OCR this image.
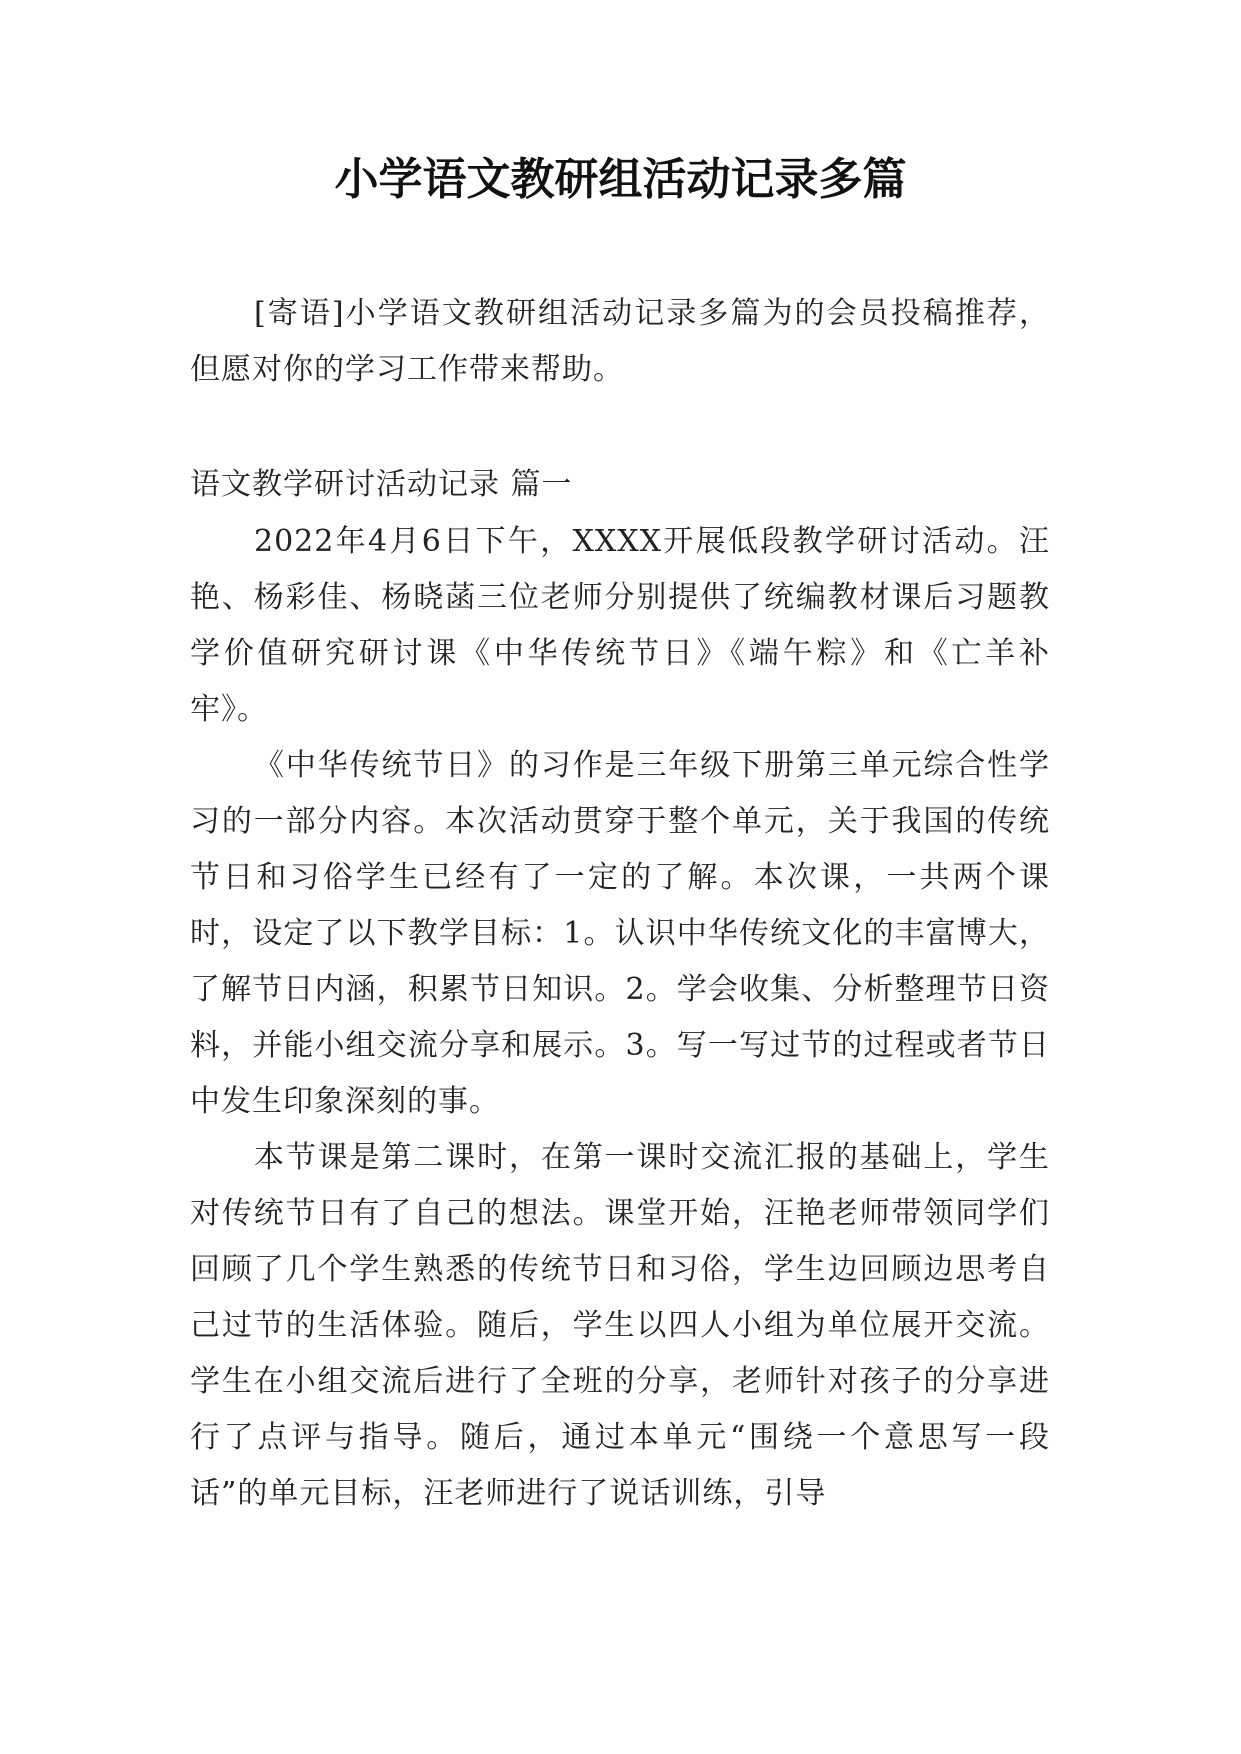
小学语文教研组活动记录多篇

[寄语]小学语文教研组活动记录多篇为的会员投稿推荐，但愿对你的学习工作带来帮助。

语文教学研讨活动记录 篇一

2022年4月6日下午，XXXX开展低段教学研讨活动。汪艳、杨彩佳、杨晓菡三位老师分别提供了统编教材课后习题教学价值研究研讨课《中华传统节日》《端午粽》和《亡羊补牢》。

《中华传统节日》的习作是三年级下册第三单元综合性学习的一部分内容。本次活动贯穿于整个单元，关于我国的传统节日和习俗学生已经有了一定的了解。本次课，一共两个课时，设定了以下教学目标：1。认识中华传统文化的丰富博大，了解节日内涵，积累节日知识。2。学会收集、分析整理节日资料，并能小组交流分享和展示。3。写一写过节的过程或者节日中发生印象深刻的事。

本节课是第二课时，在第一课时交流汇报的基础上，学生对传统节日有了自己的想法。课堂开始，汪艳老师带领同学们回顾了几个学生熟悉的传统节日和习俗，学生边回顾边思考自己过节的生活体验。随后，学生以四人小组为单位展开交流。学生在小组交流后进行了全班的分享，老师针对孩子的分享进行了点评与指导。随后，通过本单元“围绕一个意思写一段话”的单元目标，汪老师进行了说话训练，引导
